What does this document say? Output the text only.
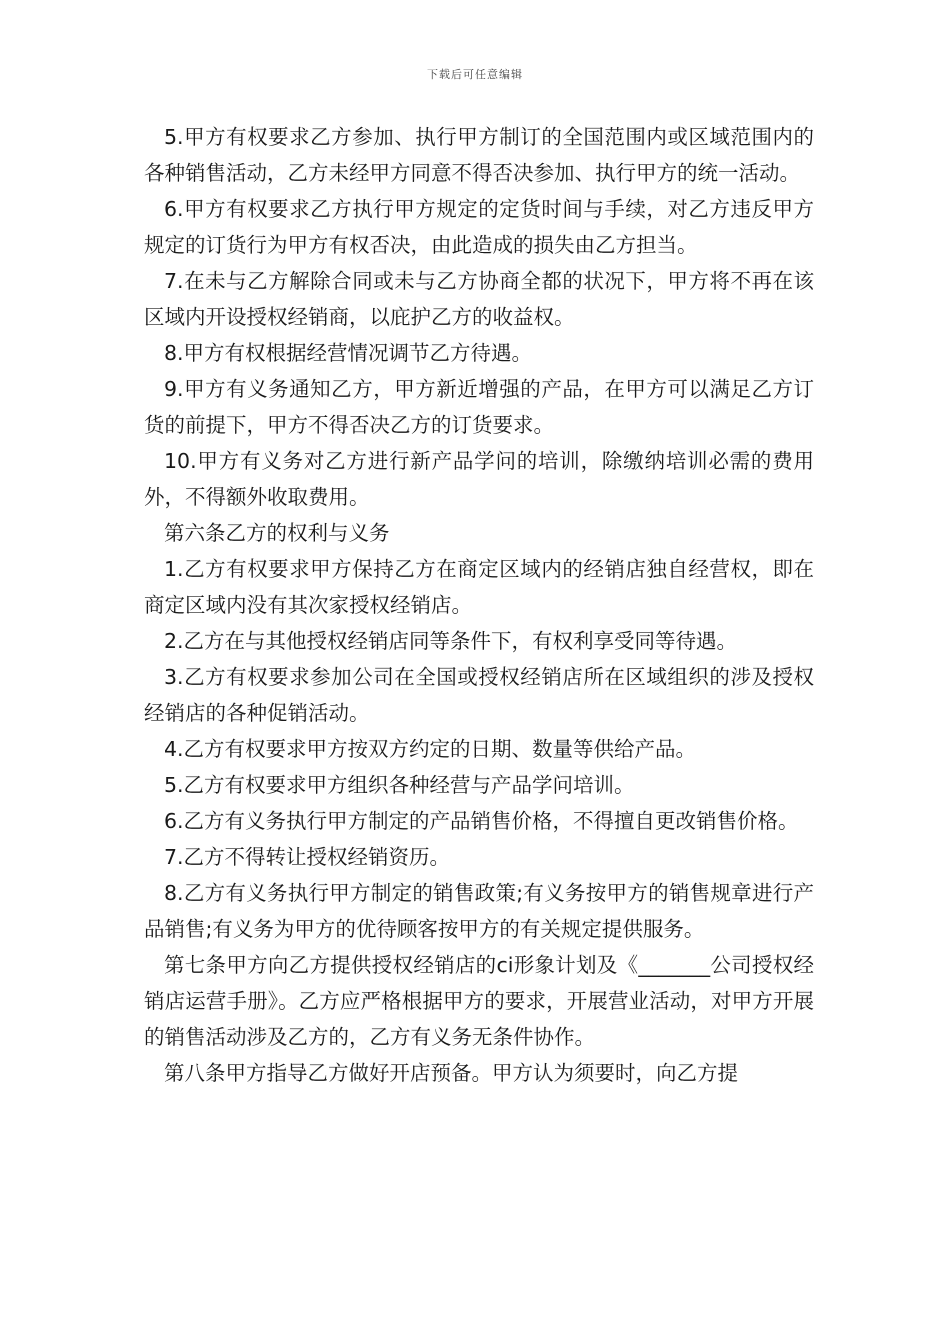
下载后可任意编辑

5.甲方有权要求乙方参加、执行甲方制订的全国范围内或区域范围内的各种销售活动，乙方未经甲方同意不得否决参加、执行甲方的统一活动。

6.甲方有权要求乙方执行甲方规定的定货时间与手续，对乙方违反甲方规定的订货行为甲方有权否决，由此造成的损失由乙方担当。

7.在未与乙方解除合同或未与乙方协商全都的状况下，甲方将不再在该区域内开设授权经销商，以庇护乙方的收益权。

8.甲方有权根据经营情况调节乙方待遇。

9.甲方有义务通知乙方，甲方新近增强的产品，在甲方可以满足乙方订货的前提下，甲方不得否决乙方的订货要求。

10.甲方有义务对乙方进行新产品学问的培训，除缴纳培训必需的费用外，不得额外收取费用。

第六条乙方的权利与义务

1.乙方有权要求甲方保持乙方在商定区域内的经销店独自经营权，即在商定区域内没有其次家授权经销店。

2.乙方在与其他授权经销店同等条件下，有权利享受同等待遇。

3.乙方有权要求参加公司在全国或授权经销店所在区域组织的涉及授权经销店的各种促销活动。

4.乙方有权要求甲方按双方约定的日期、数量等供给产品。

5.乙方有权要求甲方组织各种经营与产品学问培训。

6.乙方有义务执行甲方制定的产品销售价格，不得擅自更改销售价格。

7.乙方不得转让授权经销资历。

8.乙方有义务执行甲方制定的销售政策;有义务按甲方的销售规章进行产品销售;有义务为甲方的优待顾客按甲方的有关规定提供服务。

第七条甲方向乙方提供授权经销店的ci形象计划及《_______公司授权经销店运营手册》。乙方应严格根据甲方的要求，开展营业活动，对甲方开展的销售活动涉及乙方的，乙方有义务无条件协作。

第八条甲方指导乙方做好开店预备。甲方认为须要时，向乙方提
